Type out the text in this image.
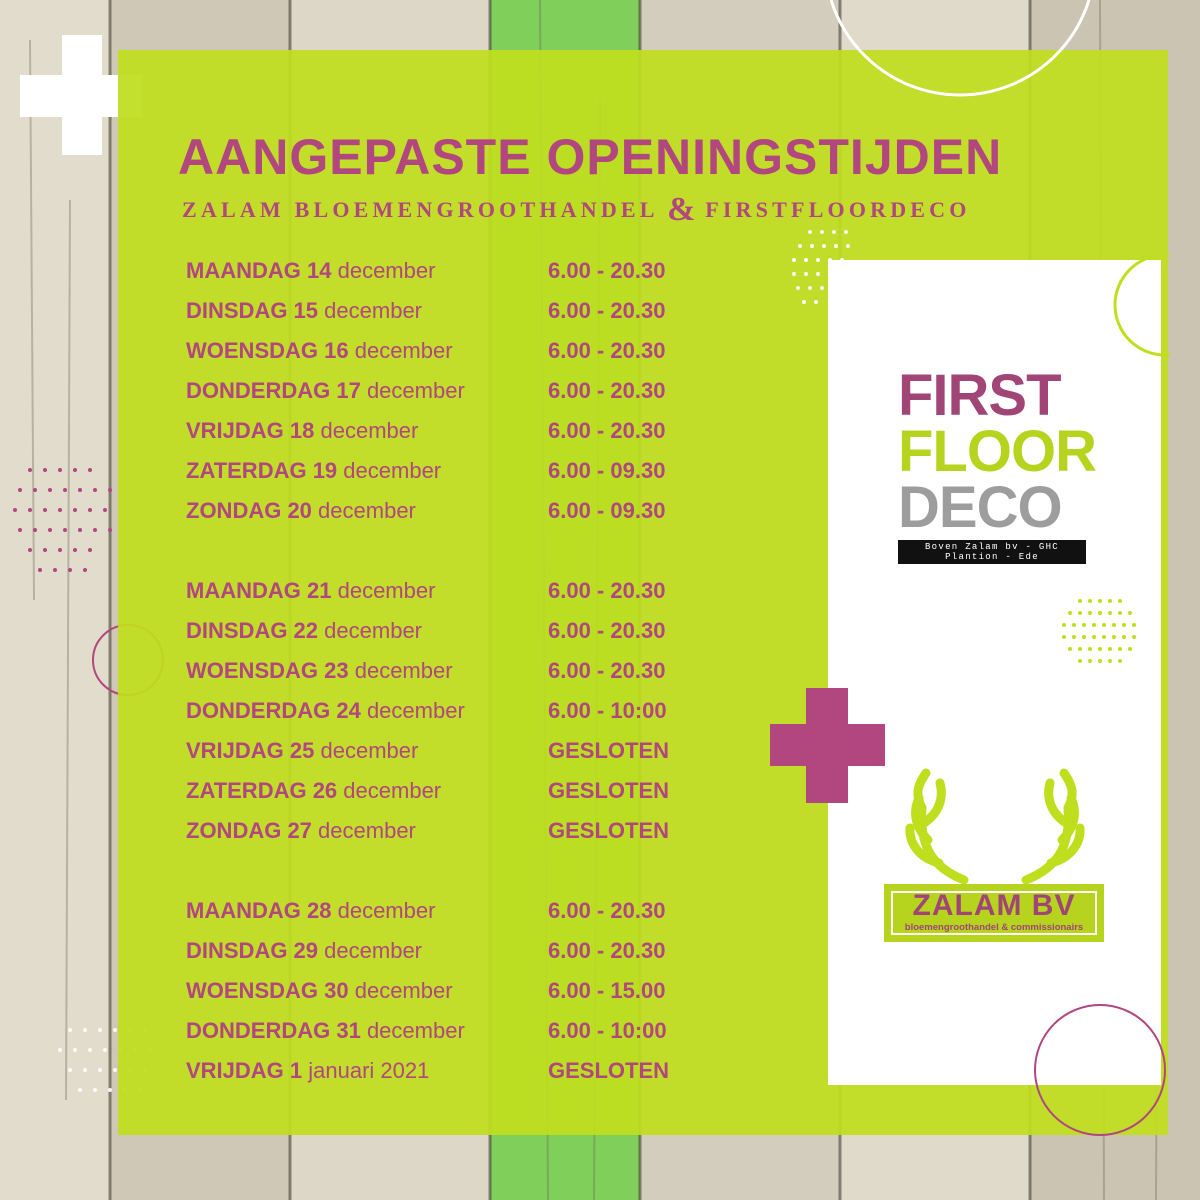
AANGEPASTE OPENINGSTIJDEN
ZALAM BLOEMENGROOTHANDEL & FIRSTFLOORDECO
MAANDAG 14 december	6.00 - 20.30
DINSDAG 15 december	6.00 - 20.30
WOENSDAG 16 december	6.00 - 20.30
DONDERDAG 17 december	6.00 - 20.30
VRIJDAG 18 december	6.00 - 20.30
ZATERDAG 19 december	6.00 - 09.30
ZONDAG 20 december	6.00 - 09.30
MAANDAG 21 december	6.00 - 20.30
DINSDAG 22 december	6.00 - 20.30
WOENSDAG 23 december	6.00 - 20.30
DONDERDAG 24 december	6.00 - 10:00
VRIJDAG 25 december	GESLOTEN
ZATERDAG 26 december	GESLOTEN
ZONDAG 27 december	GESLOTEN
MAANDAG 28 december	6.00 - 20.30
DINSDAG 29 december	6.00 - 20.30
WOENSDAG 30 december	6.00 - 15.00
DONDERDAG 31 december	6.00 - 10:00
VRIJDAG 1 januari 2021	GESLOTEN
FIRST
FLOOR
DECO
Boven Zalam bv - GHC Plantion - Ede
ZALAM BV
bloemengroothandel & commissionairs
